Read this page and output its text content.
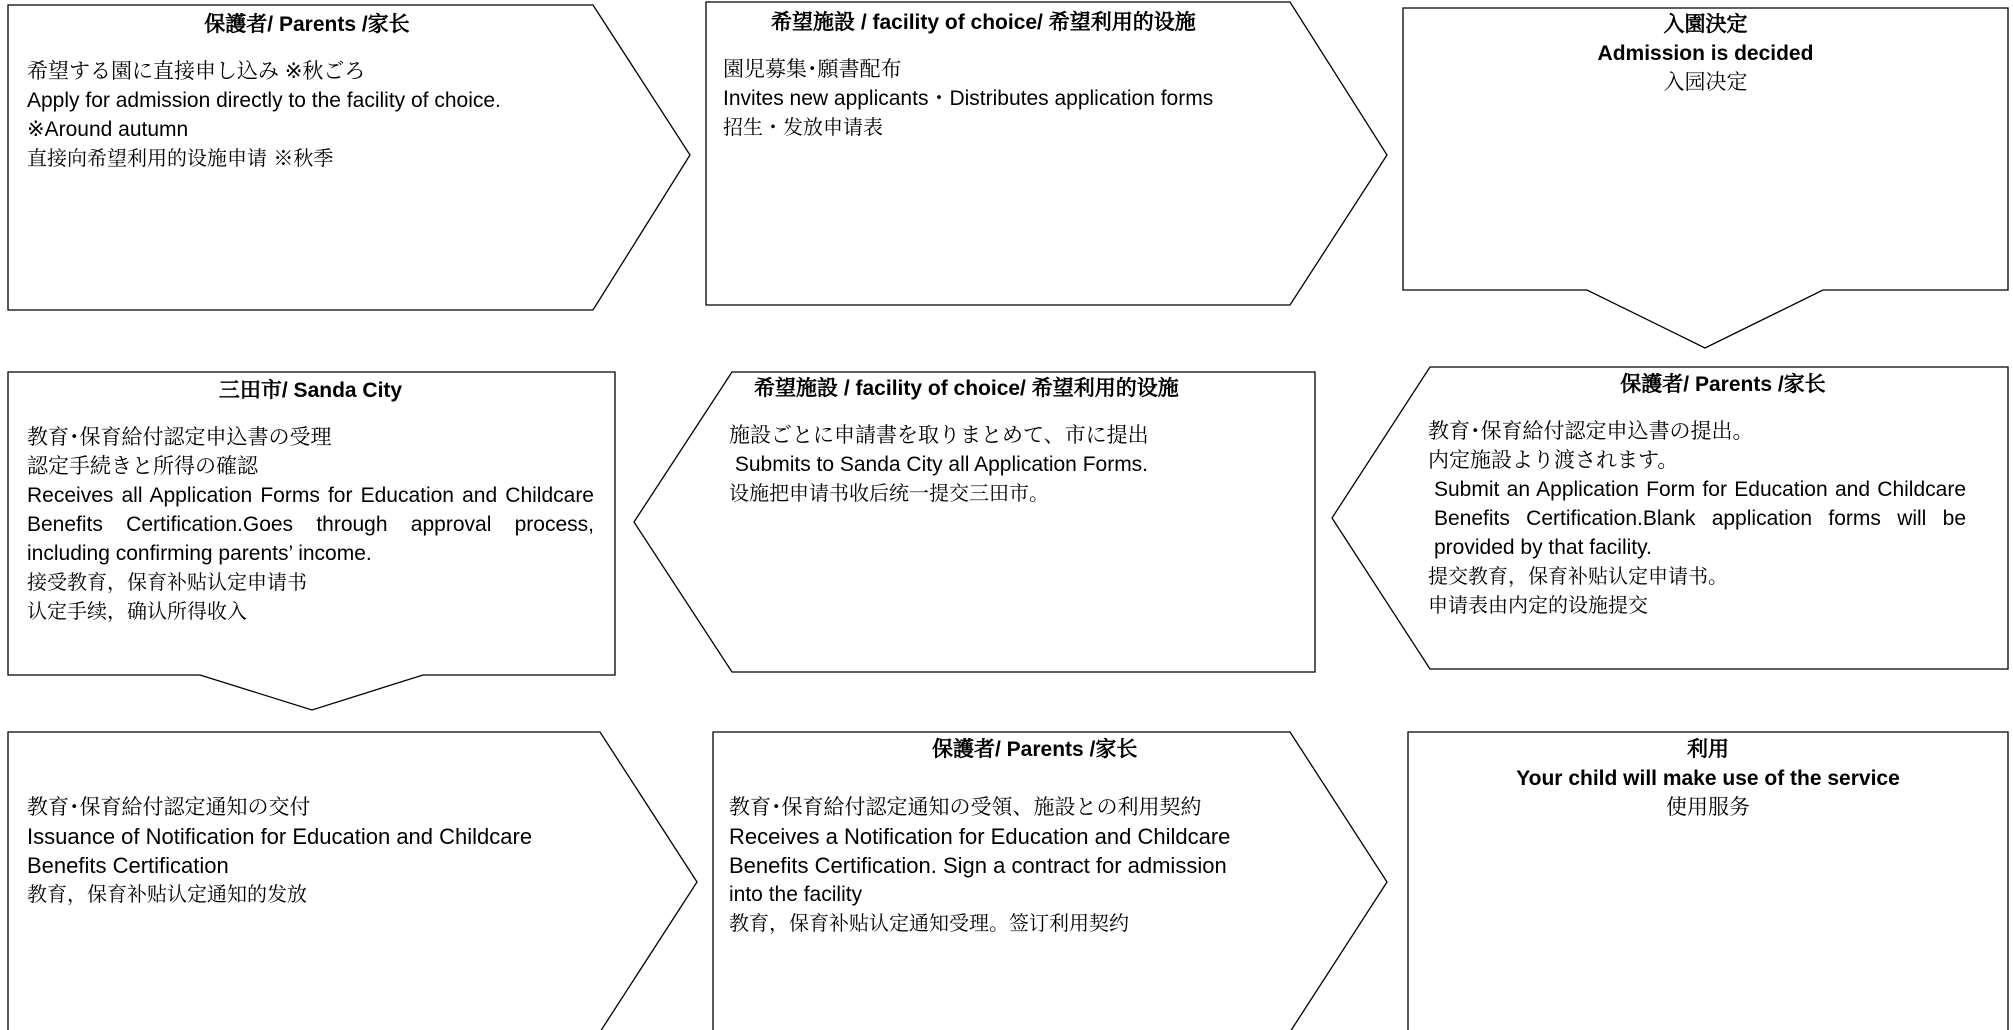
保護者/ Parents /家长
希望する園に直接申し込み ※秋ごろ
Apply for admission directly to the facility of choice.
※Around autumn
直接向希望利用的设施申请 ※秋季
希望施設 / facility of choice/ 希望利用的设施
園児募集･願書配布
Invites new applicants・Distributes application forms
招生・发放申请表
入園決定
Admission is decided
入园决定
三田市/ Sanda City
教育･保育給付認定申込書の受理
認定手続きと所得の確認
Receives all Application Forms for Education and Childcare Benefits Certification.Goes through approval process, including confirming parents’ income.
接受教育，保育补贴认定申请书
认定手续，确认所得收入
希望施設 / facility of choice/ 希望利用的设施
施設ごとに申請書を取りまとめて、市に提出
Submits to Sanda City all Application Forms.
设施把申请书收后统一提交三田市。
保護者/ Parents /家长
教育･保育給付認定申込書の提出。
内定施設より渡されます。
Submit an Application Form for Education and Childcare Benefits Certification.Blank application forms will be provided by that facility.
提交教育，保育补贴认定申请书。
申请表由内定的设施提交
教育･保育給付認定通知の交付
Issuance of Notification for Education and Childcare
Benefits Certification
教育，保育补贴认定通知的发放
保護者/ Parents /家长
教育･保育給付認定通知の受領、施設との利用契約
Receives a Notification for Education and Childcare
Benefits Certification. Sign a contract for admission
into the facility
教育，保育补贴认定通知受理。签订利用契约
利用
Your child will make use of the service
使用服务
